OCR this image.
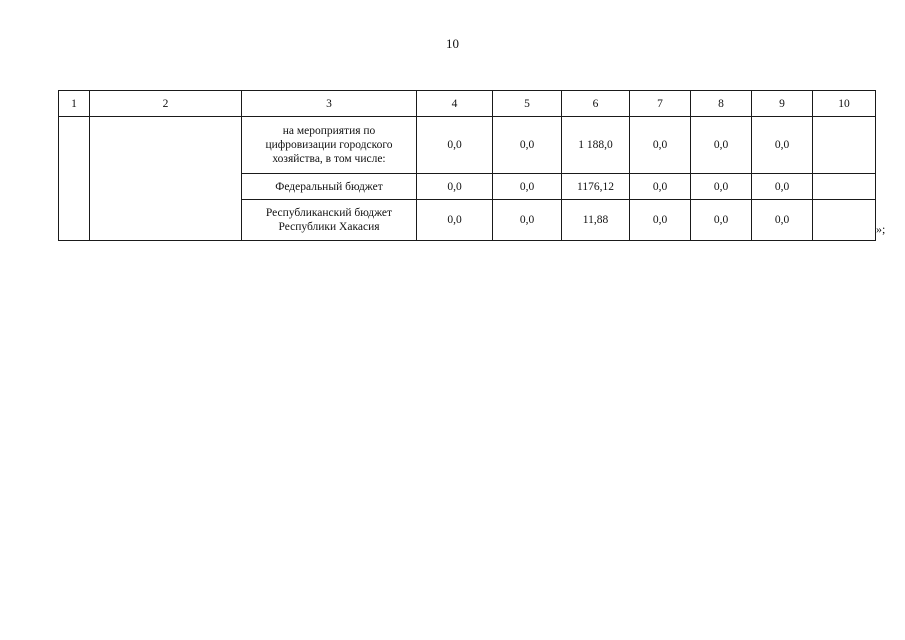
10
1	2	3	4	5	6	7	8	9	10
		на мероприятия по цифровизации городского хозяйства, в том числе:	0,0	0,0	1 188,0	0,0	0,0	0,0	
		Федеральный бюджет	0,0	0,0	1176,12	0,0	0,0	0,0	
		Республиканский бюджет Республики Хакасия	0,0	0,0	11,88	0,0	0,0	0,0	
»;
